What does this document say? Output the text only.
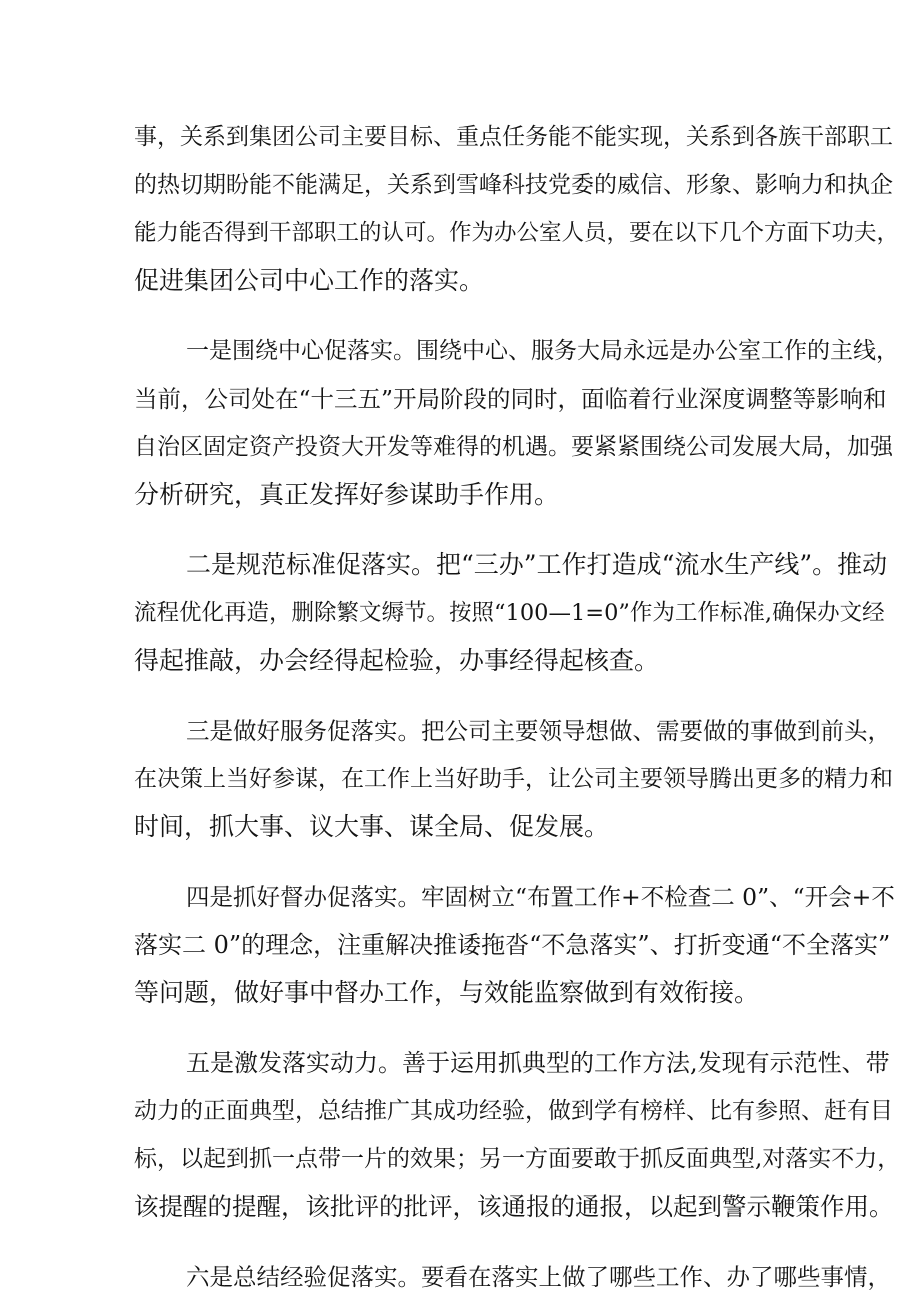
事，关系到集团公司主要目标、重点任务能不能实现，关系到各族干部职工
的热切期盼能不能满足，关系到雪峰科技党委的威信、形象、影响力和执企
能力能否得到干部职工的认可。作为办公室人员，要在以下几个方面下功夫，
促进集团公司中心工作的落实。
一是围绕中心促落实。围绕中心、服务大局永远是办公室工作的主线，
当前，公司处在“十三五”开局阶段的同时，面临着行业深度调整等影响和
自治区固定资产投资大开发等难得的机遇。要紧紧围绕公司发展大局，加强
分析研究，真正发挥好参谋助手作用。
二是规范标准促落实。把“三办”工作打造成“流水生产线”。推动
流程优化再造，删除繁文缛节。按照“100—1=0”作为工作标准,确保办文经
得起推敲，办会经得起检验，办事经得起核查。
三是做好服务促落实。把公司主要领导想做、需要做的事做到前头，
在决策上当好参谋，在工作上当好助手，让公司主要领导腾出更多的精力和
时间，抓大事、议大事、谋全局、促发展。
四是抓好督办促落实。牢固树立“布置工作+不检查二 0”、“开会+不
落实二 0”的理念，注重解决推诿拖沓“不急落实”、打折变通“不全落实”
等问题，做好事中督办工作，与效能监察做到有效衔接。
五是激发落实动力。善于运用抓典型的工作方法,发现有示范性、带
动力的正面典型，总结推广其成功经验，做到学有榜样、比有参照、赶有目
标，以起到抓一点带一片的效果；另一方面要敢于抓反面典型,对落实不力，
该提醒的提醒，该批评的批评，该通报的通报，以起到警示鞭策作用。
六是总结经验促落实。要看在落实上做了哪些工作、办了哪些事情，
